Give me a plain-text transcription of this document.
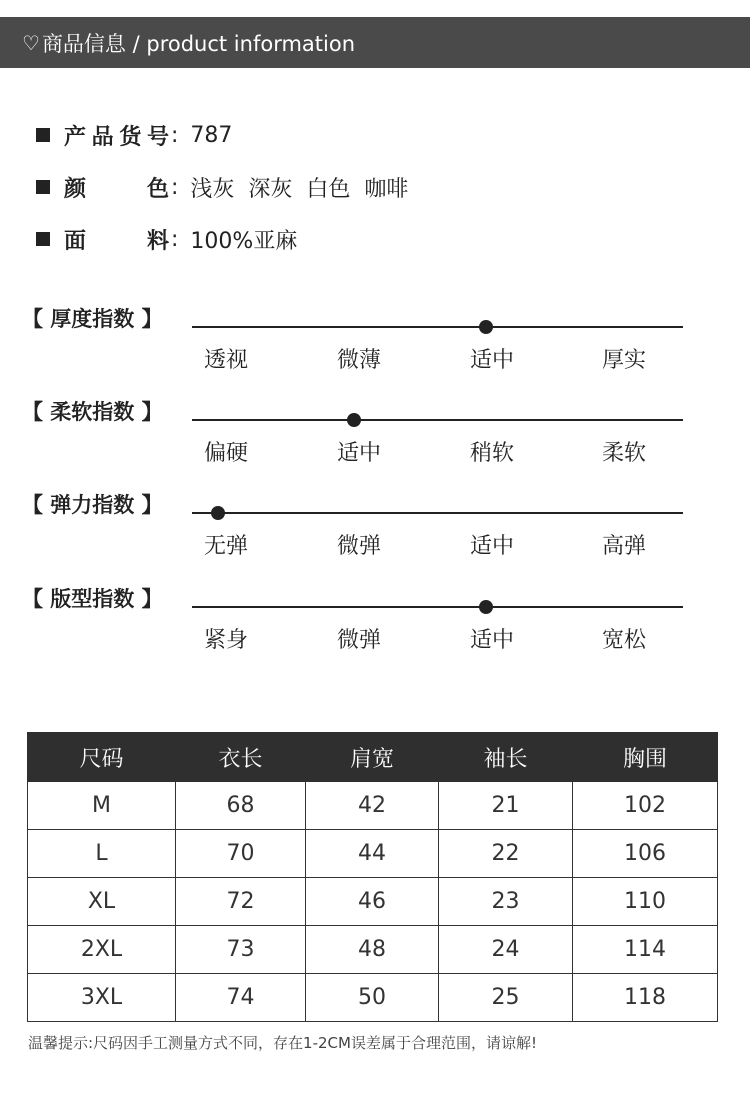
♡ 商品信息 / product information
产 品 货 号 : 787
颜	色 : 浅灰  深灰  白色  咖啡
面	料 : 100%亚麻
【 厚度指数 】
透视	微薄	适中	厚实
【 柔软指数 】
偏硬	适中	稍软	柔软
【 弹力指数 】
无弹	微弹	适中	高弹
【 版型指数 】
紧身	微弹	适中	宽松
尺码	衣长	肩宽	袖长	胸围
M	68	42	21	102
L	70	44	22	106
XL	72	46	23	110
2XL	73	48	24	114
3XL	74	50	25	118
温馨提示:尺码因手工测量方式不同，存在1-2CM误差属于合理范围，请谅解!
